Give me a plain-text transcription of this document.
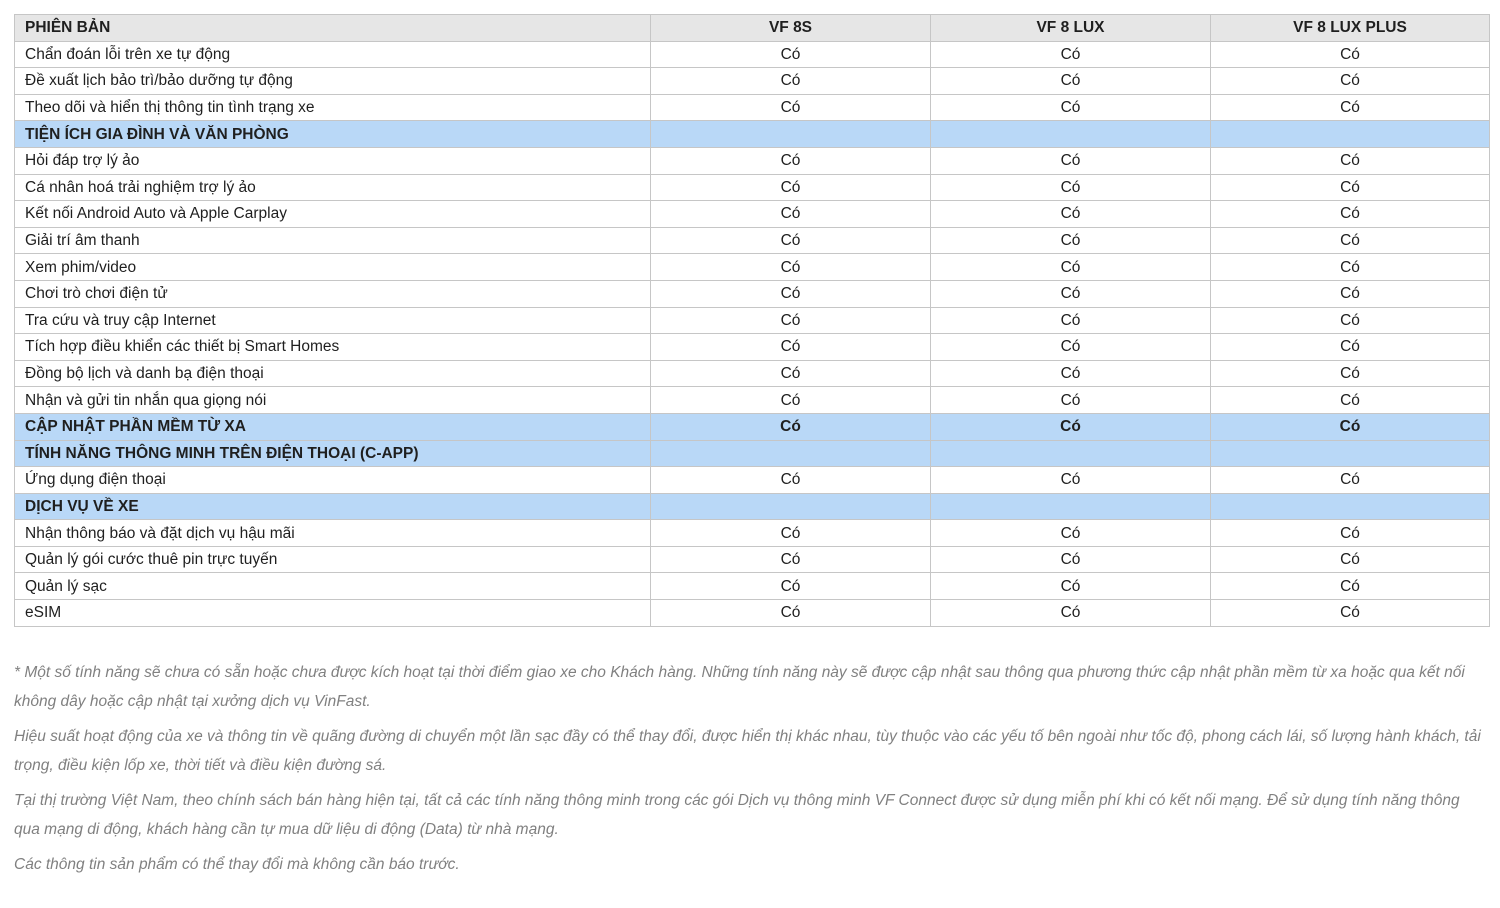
PHIÊN BẢN	VF 8S	VF 8 LUX	VF 8 LUX PLUS
Chẩn đoán lỗi trên xe tự động	Có	Có	Có
Đề xuất lịch bảo trì/bảo dưỡng tự động	Có	Có	Có
Theo dõi và hiển thị thông tin tình trạng xe	Có	Có	Có
TIỆN ÍCH GIA ĐÌNH VÀ VĂN PHÒNG			
Hỏi đáp trợ lý ảo	Có	Có	Có
Cá nhân hoá trải nghiệm trợ lý ảo	Có	Có	Có
Kết nối Android Auto và Apple Carplay	Có	Có	Có
Giải trí âm thanh	Có	Có	Có
Xem phim/video	Có	Có	Có
Chơi trò chơi điện tử	Có	Có	Có
Tra cứu và truy cập Internet	Có	Có	Có
Tích hợp điều khiển các thiết bị Smart Homes	Có	Có	Có
Đồng bộ lịch và danh bạ điện thoại	Có	Có	Có
Nhận và gửi tin nhắn qua giọng nói	Có	Có	Có
CẬP NHẬT PHẦN MỀM TỪ XA	Có	Có	Có
TÍNH NĂNG THÔNG MINH TRÊN ĐIỆN THOẠI (C-APP)			
Ứng dụng điện thoại	Có	Có	Có
DỊCH VỤ VỀ XE			
Nhận thông báo và đặt dịch vụ hậu mãi	Có	Có	Có
Quản lý gói cước thuê pin trực tuyến	Có	Có	Có
Quản lý sạc	Có	Có	Có
eSIM	Có	Có	Có

* Một số tính năng sẽ chưa có sẵn hoặc chưa được kích hoạt tại thời điểm giao xe cho Khách hàng. Những tính năng này sẽ được cập nhật sau thông qua phương thức cập nhật phần mềm từ xa hoặc qua kết nối không dây hoặc cập nhật tại xưởng dịch vụ VinFast.

Hiệu suất hoạt động của xe và thông tin về quãng đường di chuyển một lần sạc đầy có thể thay đổi, được hiển thị khác nhau, tùy thuộc vào các yếu tố bên ngoài như tốc độ, phong cách lái, số lượng hành khách, tải trọng, điều kiện lốp xe, thời tiết và điều kiện đường sá.

Tại thị trường Việt Nam, theo chính sách bán hàng hiện tại, tất cả các tính năng thông minh trong các gói Dịch vụ thông minh VF Connect được sử dụng miễn phí khi có kết nối mạng. Để sử dụng tính năng thông qua mạng di động, khách hàng cần tự mua dữ liệu di động (Data) từ nhà mạng.

Các thông tin sản phẩm có thể thay đổi mà không cần báo trước.
